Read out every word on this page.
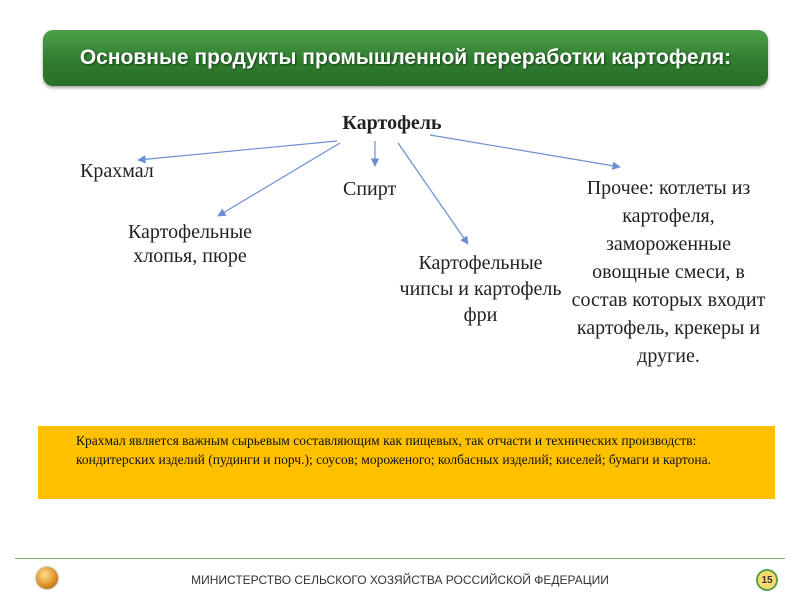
Основные продукты промышленной переработки картофеля:
Картофель
Крахмал
Спирт
Картофельные хлопья, пюре	Картофельные чипсы и картофель фри
Прочее: котлеты из картофеля, замороженные овощные смеси, в состав которых входит картофель, крекеры и другие.
Крахмал является важным сырьевым составляющим как пищевых, так отчасти и технических производств: кондитерских изделий (пудинги и порч.); соусов; мороженого; колбасных изделий; киселей; бумаги и картона.
МИНИСТЕРСТВО СЕЛЬСКОГО ХОЗЯЙСТВА РОССИЙСКОЙ ФЕДЕРАЦИИ	15
